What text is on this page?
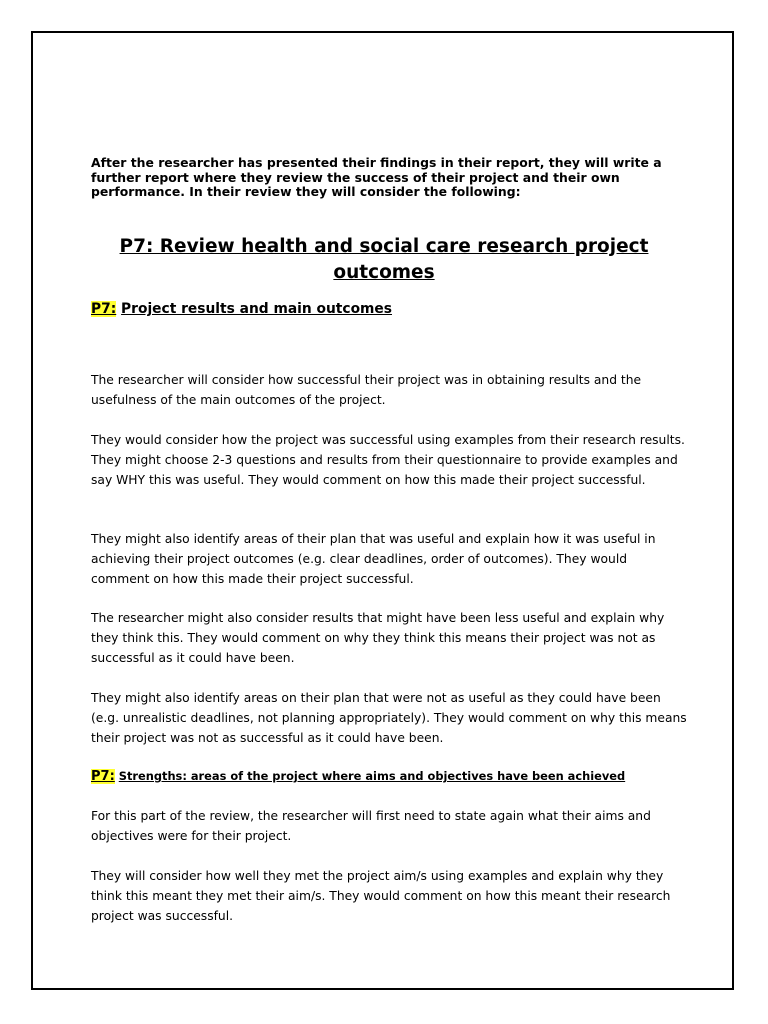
After the researcher has presented their findings in their report, they will write a further report where they review the success of their project and their own performance. In their review they will consider the following:

P7: Review health and social care research project outcomes
P7: Project results and main outcomes

The researcher will consider how successful their project was in obtaining results and the usefulness of the main outcomes of the project.

They would consider how the project was successful using examples from their research results. They might choose 2-3 questions and results from their questionnaire to provide examples and say WHY this was useful. They would comment on how this made their project successful.

They might also identify areas of their plan that was useful and explain how it was useful in achieving their project outcomes (e.g. clear deadlines, order of outcomes). They would comment on how this made their project successful.

The researcher might also consider results that might have been less useful and explain why they think this. They would comment on why they think this means their project was not as successful as it could have been.

They might also identify areas on their plan that were not as useful as they could have been (e.g. unrealistic deadlines, not planning appropriately). They would comment on why this means their project was not as successful as it could have been.

P7: Strengths: areas of the project where aims and objectives have been achieved

For this part of the review, the researcher will first need to state again what their aims and objectives were for their project.

They will consider how well they met the project aim/s using examples and explain why they think this meant they met their aim/s. They would comment on how this meant their research project was successful.
